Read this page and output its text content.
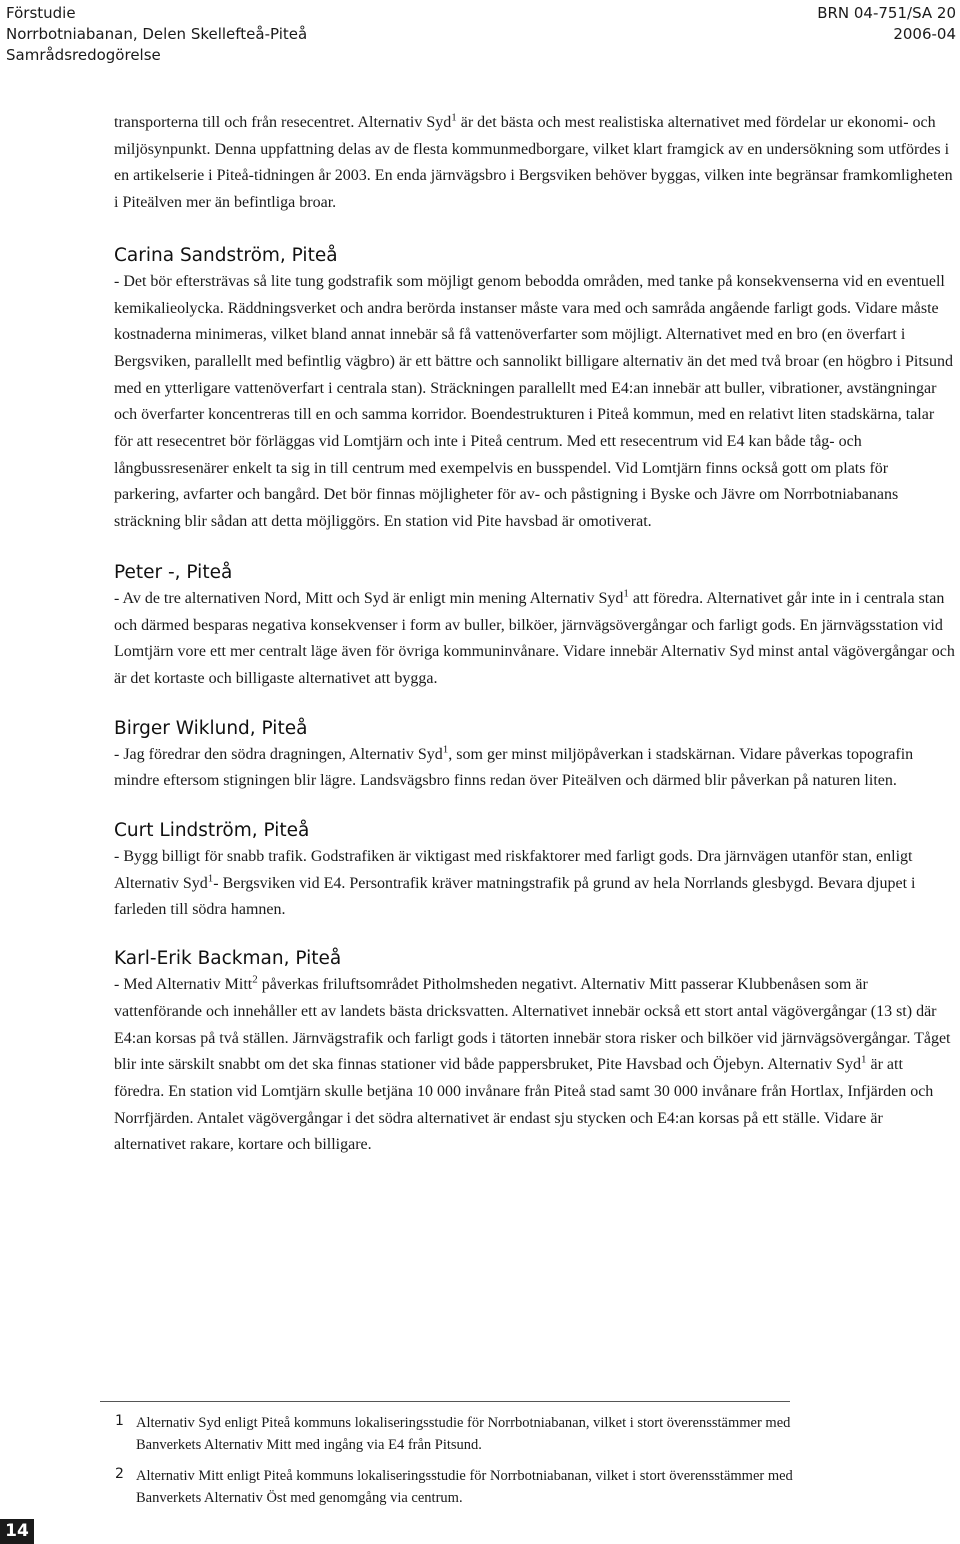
Förstudie
Norrbotniabanan, Delen Skellefteå-Piteå
Samrådsredogörelse
BRN 04-751/SA 20
2006-04

transporterna till och från resecentret. Alternativ Syd$^1$ är det bästa och mest realistiska alternativet med fördelar ur ekonomi- och miljösynpunkt. Denna uppfattning delas av de flesta kommunmedborgare, vilket klart framgick av en undersökning som utfördes i en artikelserie i Piteå-tidningen år 2003. En enda järnvägsbro i Bergsviken behöver byggas, vilken inte begränsar framkomligheten i Piteälven mer än befintliga broar.

Carina Sandström, Piteå

- Det bör eftersträvas så lite tung godstrafik som möjligt genom bebodda områden, med tanke på konsekvenserna vid en eventuell kemikalieolycka. Räddningsverket och andra berörda instanser måste vara med och samråda angående farligt gods. Vidare måste kostnaderna minimeras, vilket bland annat innebär så få vattenöverfarter som möjligt. Alternativet med en bro (en överfart i Bergsviken, parallellt med befintlig vägbro) är ett bättre och sannolikt billigare alternativ än det med två broar (en högbro i Pitsund med en ytterligare vattenöverfart i centrala stan). Sträckningen parallellt med E4:an innebär att buller, vibrationer, avstängningar och överfarter koncentreras till en och samma korridor. Boendestrukturen i Piteå kommun, med en relativt liten stadskärna, talar för att resecentret bör förläggas vid Lomtjärn och inte i Piteå centrum. Med ett resecentrum vid E4 kan både tåg- och långbussresenärer enkelt ta sig in till centrum med exempelvis en busspendel. Vid Lomtjärn finns också gott om plats för parkering, avfarter och bangård. Det bör finnas möjligheter för av- och påstigning i Byske och Jävre om Norrbotniabanans sträckning blir sådan att detta möjliggörs. En station vid Pite havsbad är omotiverat.

Peter -, Piteå

- Av de tre alternativen Nord, Mitt och Syd är enligt min mening Alternativ Syd$^1$ att föredra. Alternativet går inte in i centrala stan och därmed besparas negativa konsekvenser i form av buller, bilköer, järnvägsövergångar och farligt gods. En järnvägsstation vid Lomtjärn vore ett mer centralt läge även för övriga kommuninvånare. Vidare innebär Alternativ Syd minst antal vägövergångar och är det kortaste och billigaste alternativet att bygga.

Birger Wiklund, Piteå

- Jag föredrar den södra dragningen, Alternativ Syd$^1$, som ger minst miljöpåverkan i stadskärnan. Vidare påverkas topografin mindre eftersom stigningen blir lägre. Landsvägsbro finns redan över Piteälven och därmed blir påverkan på naturen liten.

Curt Lindström, Piteå

- Bygg billigt för snabb trafik. Godstrafiken är viktigast med riskfaktorer med farligt gods. Dra järnvägen utanför stan, enligt Alternativ Syd$^1$- Bergsviken vid E4. Persontrafik kräver matningstrafik på grund av hela Norrlands glesbygd. Bevara djupet i farleden till södra hamnen.

Karl-Erik Backman, Piteå

- Med Alternativ Mitt$^2$ påverkas friluftsområdet Pitholmsheden negativt. Alternativ Mitt passerar Klubbenåsen som är vattenförande och innehåller ett av landets bästa dricksvatten. Alternativet innebär också ett stort antal vägövergångar (13 st) där E4:an korsas på två ställen. Järnvägstrafik och farligt gods i tätorten innebär stora risker och bilköer vid järnvägsövergångar. Tåget blir inte särskilt snabbt om det ska finnas stationer vid både pappersbruket, Pite Havsbad och Öjebyn. Alternativ Syd$^1$ är att föredra. En station vid Lomtjärn skulle betjäna 10 000 invånare från Piteå stad samt 30 000 invånare från Hortlax, Infjärden och Norrfjärden. Antalet vägövergångar i det södra alternativet är endast sju stycken och E4:an korsas på ett ställe. Vidare är alternativet rakare, kortare och billigare.

1 Alternativ Syd enligt Piteå kommuns lokaliseringsstudie för Norrbotniabanan, vilket i stort överensstämmer med Banverkets Alternativ Mitt med ingång via E4 från Pitsund.
2 Alternativ Mitt enligt Piteå kommuns lokaliseringsstudie för Norrbotniabanan, vilket i stort överensstämmer med Banverkets Alternativ Öst med genomgång via centrum.
14
